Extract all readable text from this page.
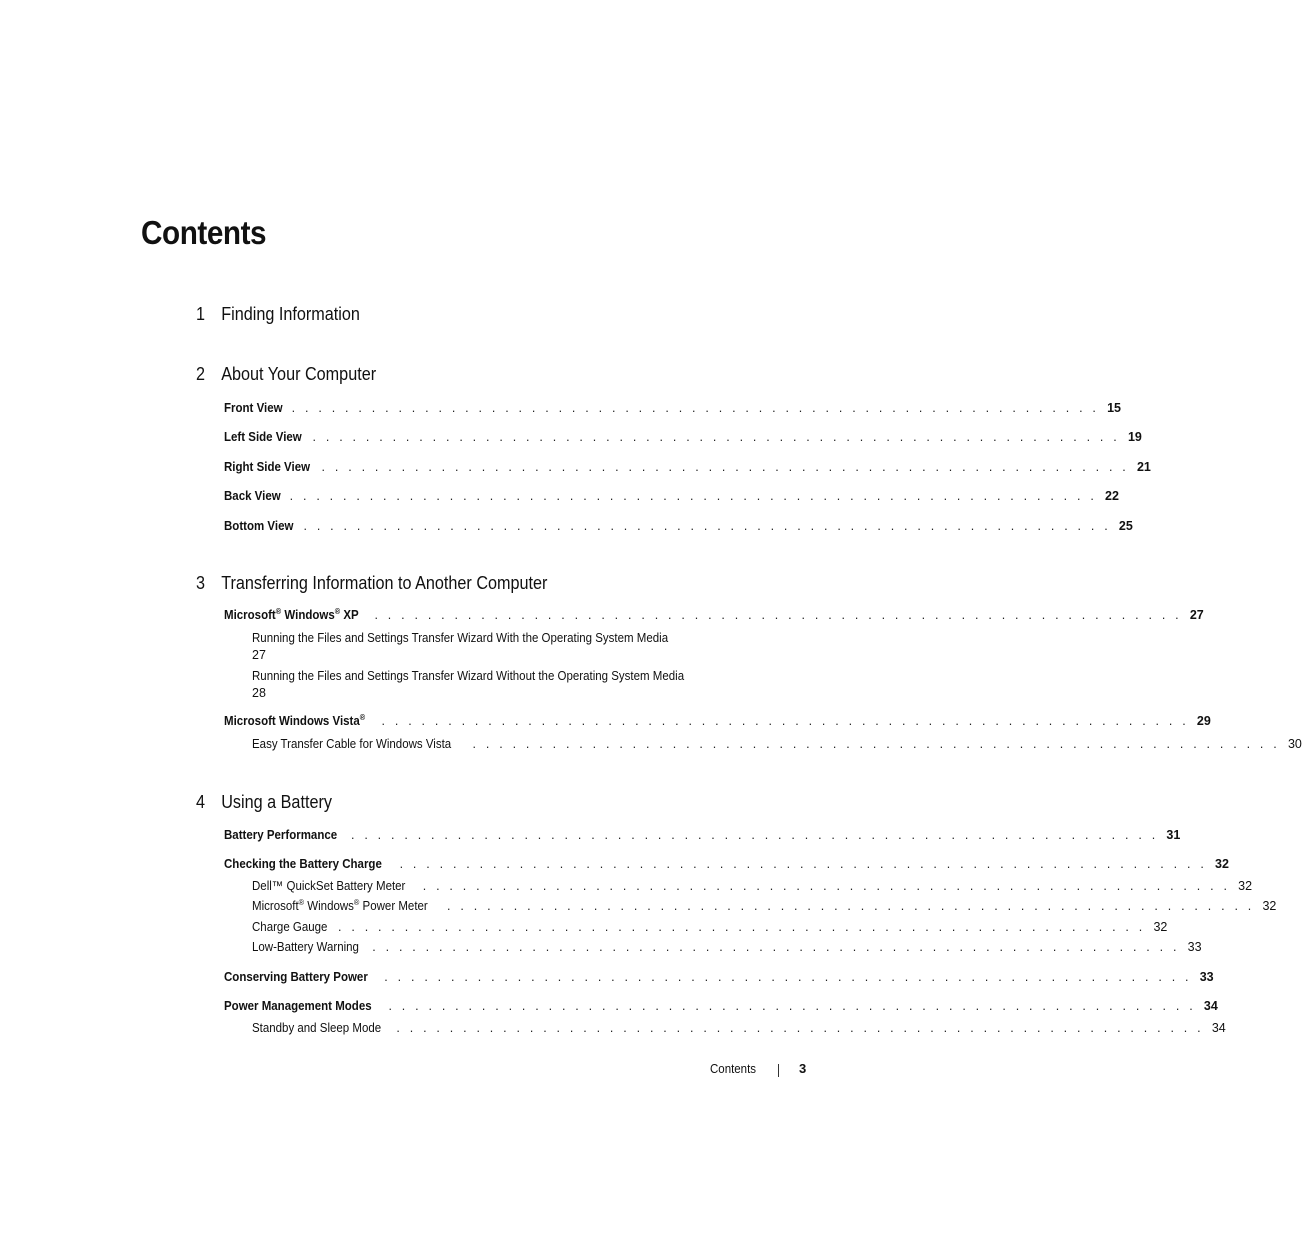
Contents
1 Finding Information
2 About Your Computer
Front View . . . . . . . . . . . . . . . . . . . . . . . . . . . . . . . . . . . . . . . . . . . . . . . . . . . . . . . . . . . . . 15
Left Side View . . . . . . . . . . . . . . . . . . . . . . . . . . . . . . . . . . . . . . . . . . . . . . . . . . . . . . . . . . . . . 19
Right Side View . . . . . . . . . . . . . . . . . . . . . . . . . . . . . . . . . . . . . . . . . . . . . . . . . . . . . . . . . . . . . 21
Back View . . . . . . . . . . . . . . . . . . . . . . . . . . . . . . . . . . . . . . . . . . . . . . . . . . . . . . . . . . . . . 22
Bottom View . . . . . . . . . . . . . . . . . . . . . . . . . . . . . . . . . . . . . . . . . . . . . . . . . . . . . . . . . . . . . 25
3 Transferring Information to Another Computer
Microsoft® Windows® XP . . . . . . . . . . . . . . . . . . . . . . . . . . . . . . . . . . . . . . . . . . . . . . . . . . . . . . . . . . . . . 27
Running the Files and Settings Transfer Wizard With the Operating System Media
27
Running the Files and Settings Transfer Wizard Without the Operating System Media
28
Microsoft Windows Vista® . . . . . . . . . . . . . . . . . . . . . . . . . . . . . . . . . . . . . . . . . . . . . . . . . . . . . . . . . . . . . 29
Easy Transfer Cable for Windows Vista . . . . . . . . . . . . . . . . . . . . . . . . . . . . . . . . . . . . . . . . . . . . . . . . . . . . . . . . . . . . . 30
4 Using a Battery
Battery Performance . . . . . . . . . . . . . . . . . . . . . . . . . . . . . . . . . . . . . . . . . . . . . . . . . . . . . . . . . . . . . 31
Checking the Battery Charge . . . . . . . . . . . . . . . . . . . . . . . . . . . . . . . . . . . . . . . . . . . . . . . . . . . . . . . . . . . . . 32
Dell™ QuickSet Battery Meter . . . . . . . . . . . . . . . . . . . . . . . . . . . . . . . . . . . . . . . . . . . . . . . . . . . . . . . . . . . . . 32
Microsoft® Windows® Power Meter . . . . . . . . . . . . . . . . . . . . . . . . . . . . . . . . . . . . . . . . . . . . . . . . . . . . . . . . . . . . . 32
Charge Gauge . . . . . . . . . . . . . . . . . . . . . . . . . . . . . . . . . . . . . . . . . . . . . . . . . . . . . . . . . . . . . 32
Low-Battery Warning . . . . . . . . . . . . . . . . . . . . . . . . . . . . . . . . . . . . . . . . . . . . . . . . . . . . . . . . . . . . . 33
Conserving Battery Power . . . . . . . . . . . . . . . . . . . . . . . . . . . . . . . . . . . . . . . . . . . . . . . . . . . . . . . . . . . . . 33
Power Management Modes . . . . . . . . . . . . . . . . . . . . . . . . . . . . . . . . . . . . . . . . . . . . . . . . . . . . . . . . . . . . . 34
Standby and Sleep Mode . . . . . . . . . . . . . . . . . . . . . . . . . . . . . . . . . . . . . . . . . . . . . . . . . . . . . . . . . . . . . 34
Contents	3
